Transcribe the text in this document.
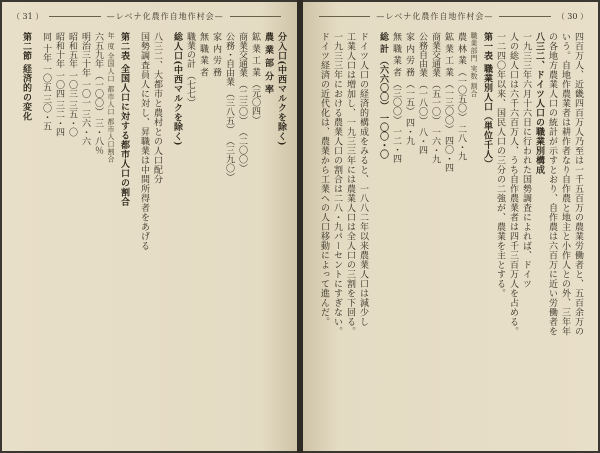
（ 31 ）	—レベナ化農作自地作村会—
分入口(中西マルクを除く)
農 業 部 分 率
鉱 業 工 業 （元〇四）
商業交通業 （二三〇） （二〇〇）
公務・自由業 （三八五） （三九〇）
家 内 労 務
無 職 業 者
職業の計 （七七）
総人口(中西マルクを除く)
八三二、大都市と農村との人口配分
国勢調査員人に対し、昇職業は中間所得者をあげる
第二表 全国人口に対する都市人口の割合
年 度 全国人口 都市人口 都市人口割合
六五九年 （一〇〇） 三・八％
明治三十年 一〇一 三六・六
昭和五年 一〇三 三五・〇
昭和十年 一〇四 三二・四
同 十年 一〇五 三〇・五
第二節 経済的の変化
—レベナ化農作自地作村会—	（ 30 ）
四百万人、近畿四百万人乃至は一千五百万の農業労働者と、五百余万の
いう。自地作農業者は耕作者なり自作農と地主と小作人との外、三年年
の各地方農業人口の統計が示すとおり、自作農は六百万に近い労働者を
八三二、ドイツ人口の職業別構成
一九三三年六月十六日に行われた国勢調査によれば、ドイツ
人の総人口は六千六百万人、うち自作農業者は四千三百万人を占める。
一二四〇年以来、国民人口の三分の二強が、農業を主とする。
第一表 職業別人口（単位千人）
職業部門 実数 割合
農 林 業 （一〇五〇） 二八・九
鉱 業 工 業 （一三〇〇） 四〇・四
商業交通業 （五一〇） 一六・九
公務自由業 （一八〇） 八・四
家 内 労 務 （一五） 四・九
無 職 業 者 （三〇〇） 一二・四
総 計 （六六〇〇） 一〇〇・〇
ドイツ人口の経済的構成をみると、一八八二年以来農業人口は減少し
工業人口は増加し、一九三三年には農業人口は全人口の三割を下回る。
一九三三年における農業人口の割合は二八・九パーセントにすぎない。
ドイツ経済の近代化は、農業から工業への人口移動によって進んだ。
